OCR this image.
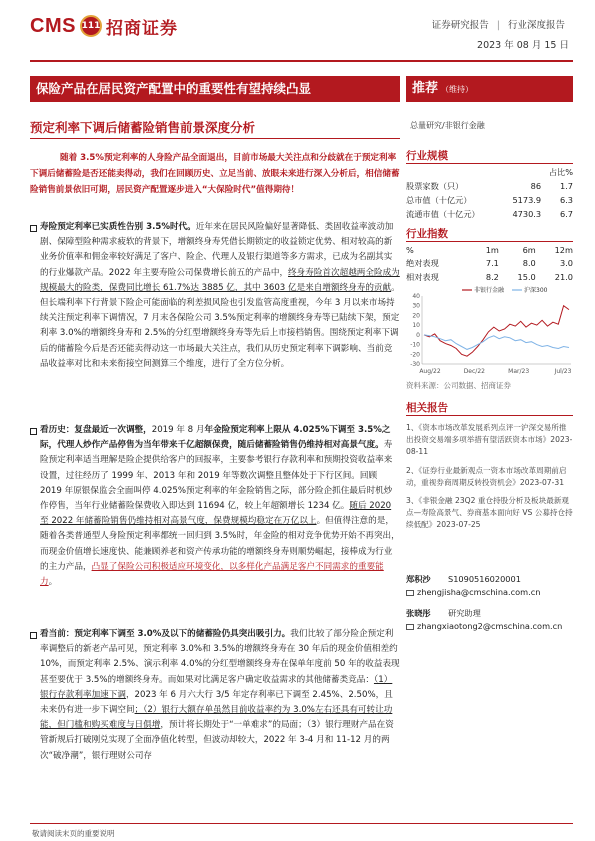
CMS 111 招商证券	证券研究报告 | 行业深度报告
2023 年 08 月 15 日
保险产品在居民资产配置中的重要性有望持续凸显
预定利率下调后储蓄险销售前景深度分析
推荐 （维持）
总量研究/非银行金融
随着 3.5%预定利率的人身险产品全面退出，目前市场最大关注点和分歧就在于预定利率下调后储蓄险是否还能卖得动，我们在回顾历史、立足当前、放眼未来进行深入分析后，相信储蓄险销售前景依旧可期，居民资产配置逐步进入“大保险时代”值得期待！

寿险预定利率已实质性告别 3.5%时代。近年来在居民风险偏好显著降低、类固收益率波动加剧、保障型险种需求疲软的背景下，增额终身寿凭借长期锁定的收益锁定优势、相对较高的新业务价值率和佣金率较好满足了客户、险企、代理人及银行渠道等多方需求，已成为名副其实的行业爆款产品。2022 年主要寿险公司保费增长前五的产品中，终身寿险首次超越两全险成为规模最大的险类，保费同比增长 61.7%达 3885 亿，其中 3603 亿是来自增额终身寿的贡献。但长端利率下行背景下险企可能面临的利差损风险也引发监管高度重视，今年 3 月以来市场持续关注预定利率下调情况，7 月末各保险公司 3.5%预定利率的增额终身寿等已陆续下架，预定利率 3.0%的增额终身寿和 2.5%的分红型增额终身寿等先后上市接档销售。围绕预定利率下调后的储蓄险今后是否还能卖得动这一市场最大关注点，我们从历史预定利率下调影响、当前竞品收益率对比和未来衔接空间测算三个维度，进行了全方位分析。

看历史：复盘最近一次调整，2019 年 8 月年金险预定利率上限从 4.025%下调至 3.5%之际，代理人炒作产品停售为当年带来千亿超额保费，随后储蓄险销售仍维持相对高景气度。寿险预定利率适当理解是险企提供给客户的回报率，主要参考银行存款利率和预期投资收益率来设置，过往经历了 1999 年、2013 年和 2019 年等数次调整且整体处于下行区间。回顾 2019 年原银保监会全面叫停 4.025%预定利率的年金险销售之际，部分险企抓住最后时机炒作停售，当年行业储蓄险保费收入即达到 11694 亿，较上年超额增长 1234 亿。随后 2020 至 2022 年储蓄险销售仍维持相对高景气度，保费规模均稳定在万亿以上。但值得注意的是，随着各类普通型人身险预定利率都统一回归到 3.5%时，年金险的相对竞争优势开始不再突出，而现金价值增长速度快、能兼顾养老和资产传承功能的增额终身寿则顺势崛起，接棒成为行业的主力产品，凸显了保险公司积极适应环境变化，以多样化产品满足客户不同需求的重要能力。

看当前：预定利率下调至 3.0%及以下的储蓄险仍具突出吸引力。我们比较了部分险企预定利率调整后的新老产品可见，预定利率 3.0%和 3.5%的增额终身寿在 30 年后的现金价值相差约 10%，而预定利率 2.5%、演示利率 4.0%的分红型增额终身寿在保单年度前 50 年的收益表现甚至要优于 3.5%的增额终身寿。而如果对比满足客户确定收益需求的其他储蓄类竞品：（1）银行存款利率加速下调，2023 年 6 月六大行 3/5 年定存利率已下调至 2.45%、2.50%，且未来仍有进一步下调空间；（2）银行大额存单虽然目前收益率约为 3.0%左右还具有可转让功能，但门槛和购买难度与日俱增，预计将长期处于“一单难求”的局面；（3）银行理财产品在资管新规后打破刚兑实现了全面净值化转型，但波动却较大，2022 年 3-4 月和 11-12 月的两次“破净潮”，银行理财公司存

行业规模
		占比%
股票家数（只）	86	1.7
总市值（十亿元）	5173.9	6.3
流通市值（十亿元）	4730.3	6.7
行业指数
%	1m	6m	12m
绝对表现	7.1	8.0	3.0
相对表现	8.2	15.0	21.0
40
30
20
10
0
-10
-20
-30
Aug/22	Dec/22	Mar/23	Jul/23
非银行金融	沪深300
资料来源：公司数据、招商证券
相关报告
1、《资本市场改革发展系列点评一沪深交易所推出投资交易端多项举措有望活跃资本市场》2023-08-11
2、《证券行业最新观点一资本市场改革周期前启动，重视券商周期反转投资机会》2023-07-31
3、《非银金融 23Q2 重仓持股分析及板块最新观点—寿险高景气、券商基本面向好 VS 公募持仓持续低配》2023-07-25
郑积沙 S1090516020001
zhengjisha@cmschina.com.cn
张晓彤 研究助理
zhangxiaotong2@cmschina.com.cn
敬请阅读末页的重要说明
